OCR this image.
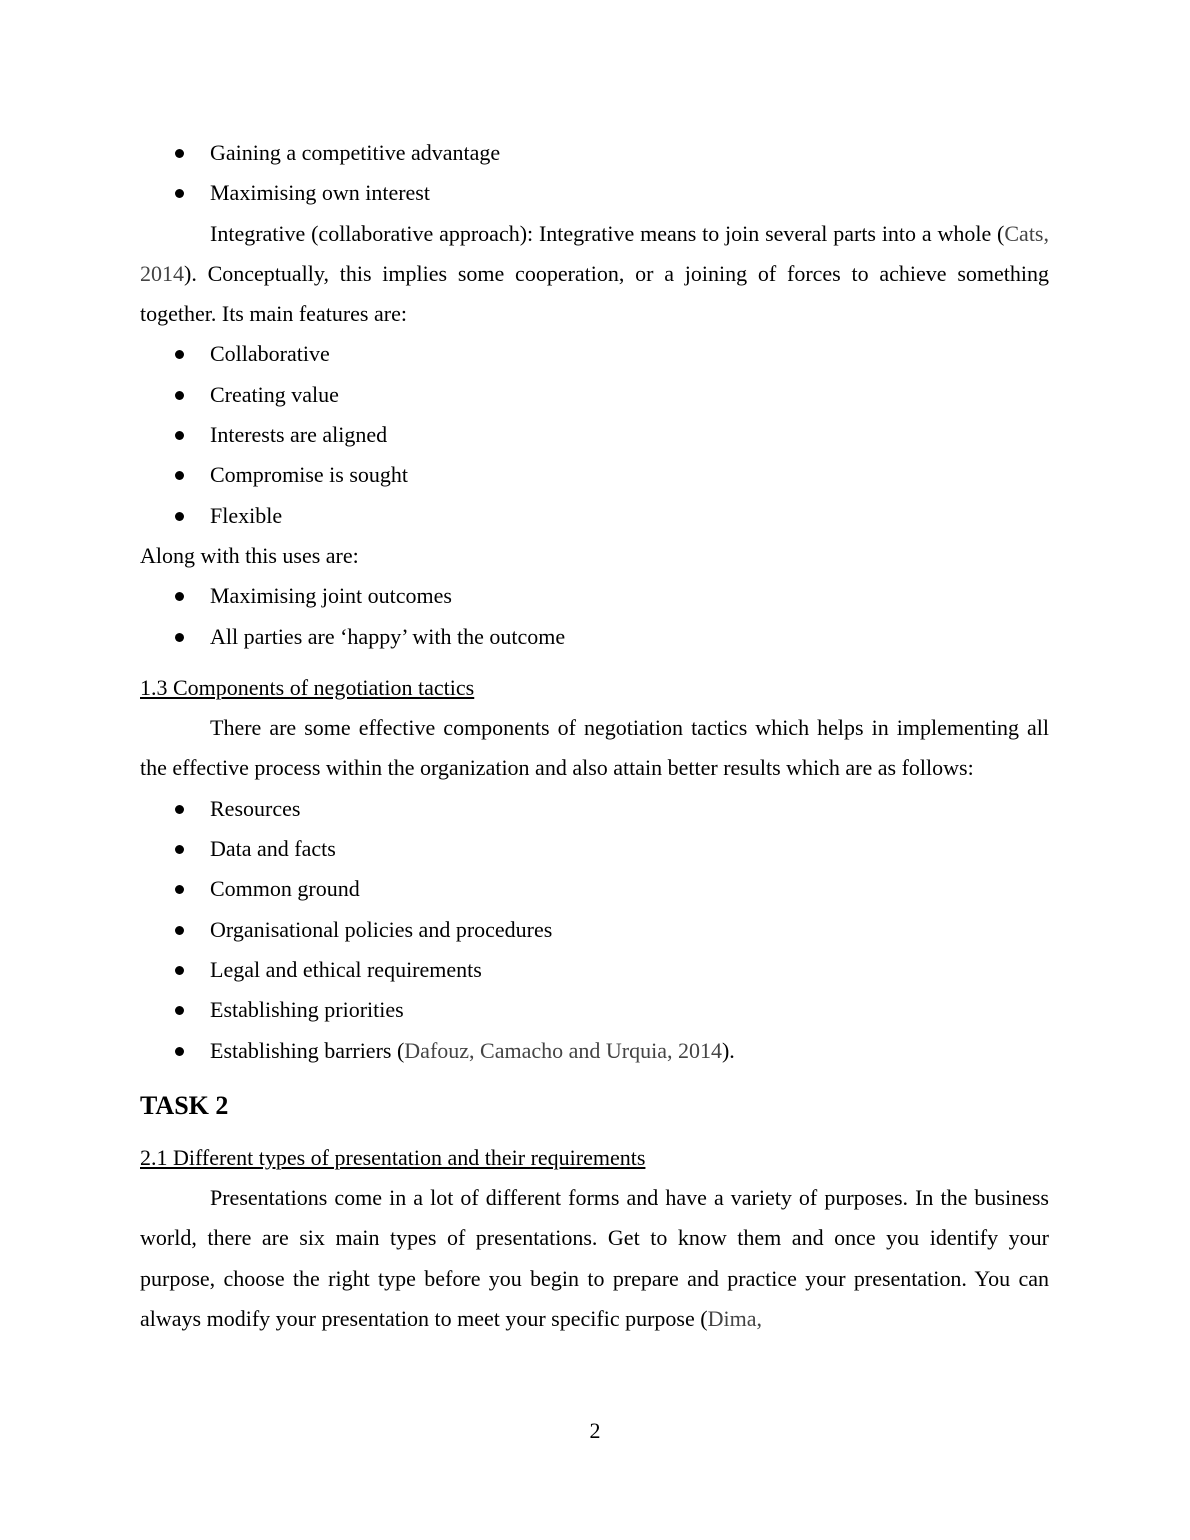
Gaining a competitive advantage
Maximising own interest

Integrative (collaborative approach): Integrative means to join several parts into a whole (Cats, 2014). Conceptually, this implies some cooperation, or a joining of forces to achieve something together. Its main features are:

Collaborative
Creating value
Interests are aligned
Compromise is sought
Flexible

Along with this uses are:

Maximising joint outcomes
All parties are ‘happy’ with the outcome
1.3 Components of negotiation tactics

There are some effective components of negotiation tactics which helps in implementing all the effective process within the organization and also attain better results which are as follows:

Resources
Data and facts
Common ground
Organisational policies and procedures
Legal and ethical requirements
Establishing priorities
Establishing barriers (Dafouz, Camacho and Urquia, 2014).
TASK 2
2.1 Different types of presentation and their requirements

Presentations come in a lot of different forms and have a variety of purposes. In the business world, there are six main types of presentations. Get to know them and once you identify your purpose, choose the right type before you begin to prepare and practice your presentation. You can always modify your presentation to meet your specific purpose (Dima,

2
